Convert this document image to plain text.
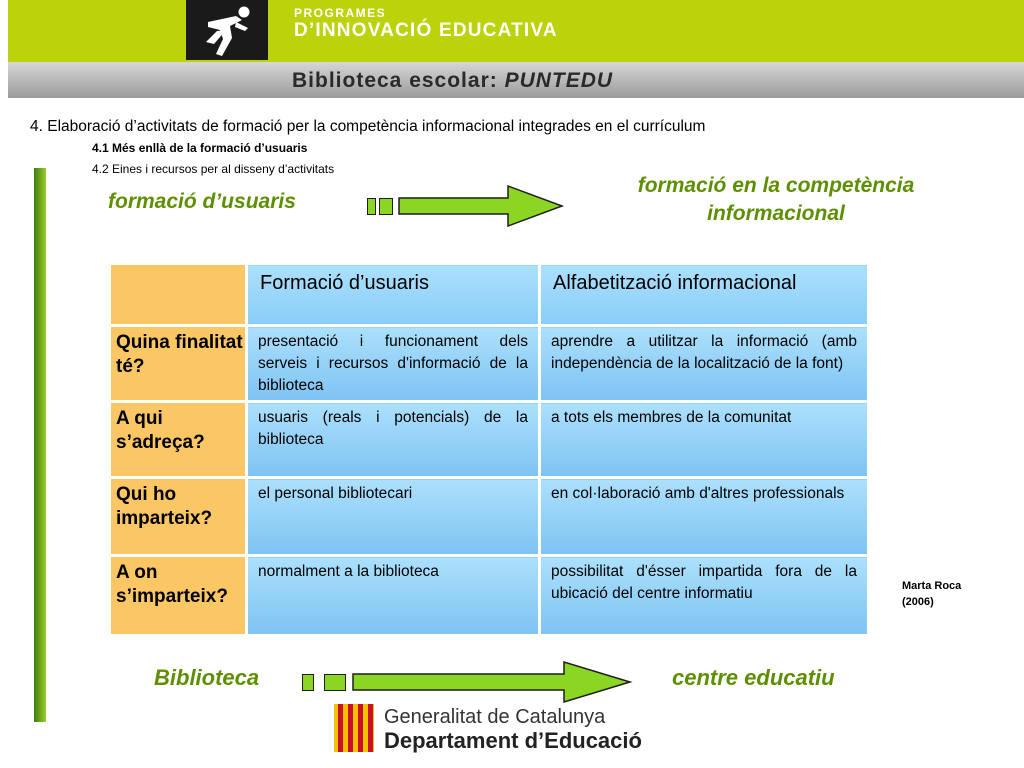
PROGRAMES
D’INNOVACIÓ EDUCATIVA
Biblioteca escolar: PUNTEDU
4. Elaboració d’activitats de formació per la competència informacional integrades en el currículum
4.1 Més enllà de la formació d’usuaris
4.2 Eines i recursos per al disseny d’activitats
formació d’usuaris
formació en la competència informacional

	Formació d’usuaris	Alfabetització informacional

Quina finalitat té?	presentació i funcionament dels serveis i recursos d'informació de la biblioteca	aprendre a utilitzar la informació (amb independència de la localització de la font)

A qui s’adreça?	usuaris (reals i potencials) de la biblioteca	a tots els membres de la comunitat

Qui ho imparteix?	el personal bibliotecari	en col·laboració amb d'altres professionals

A on s’imparteix?	normalment a la biblioteca	possibilitat d'ésser impartida fora de la ubicació del centre informatiu	Marta Roca
(2006)
Biblioteca	centre educatiu
Generalitat de Catalunya
Departament d’Educació
